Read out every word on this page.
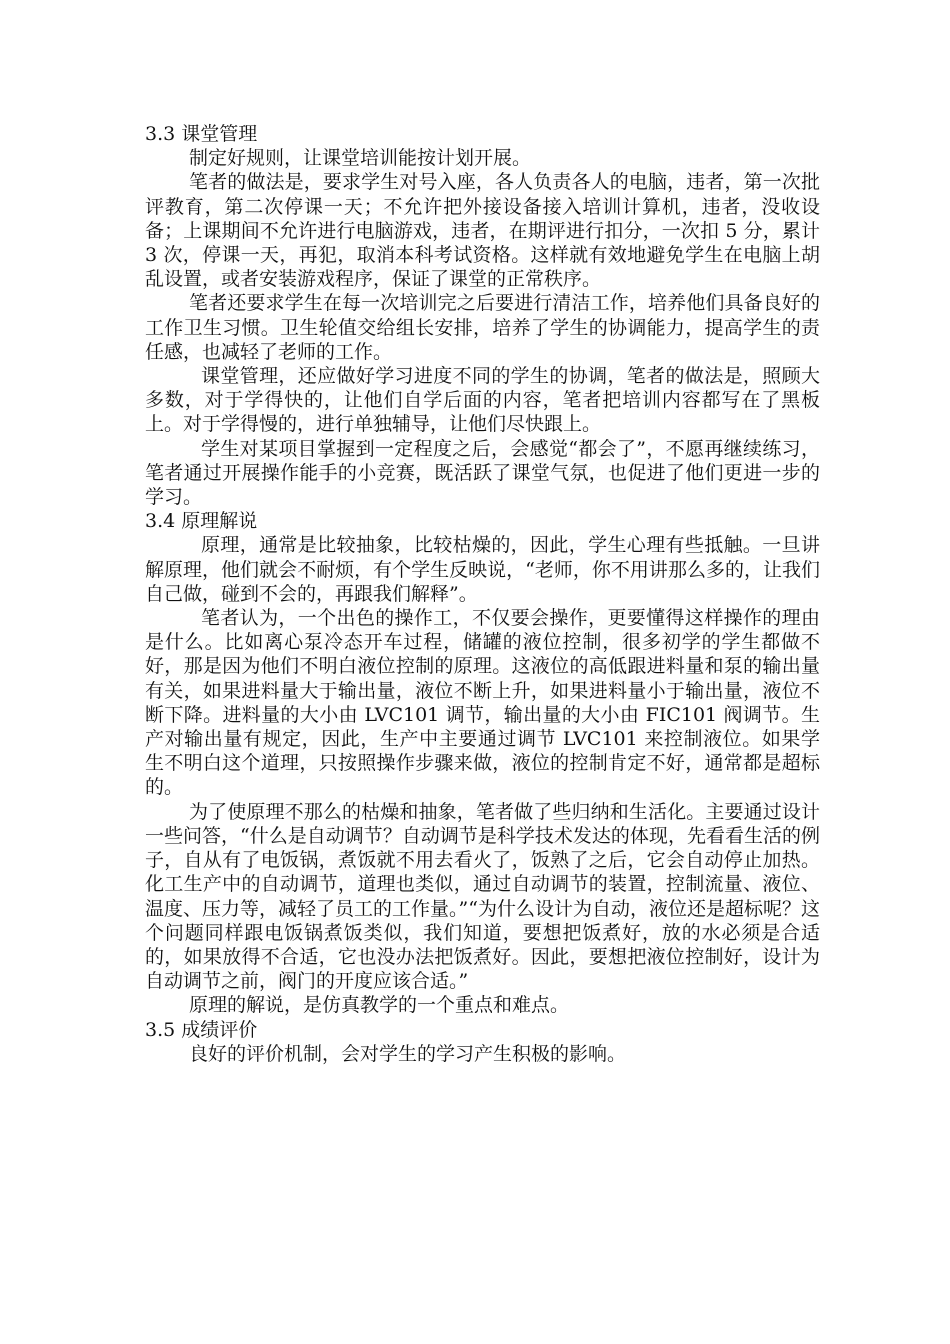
3.3 课堂管理

制定好规则，让课堂培训能按计划开展。

笔者的做法是，要求学生对号入座，各人负责各人的电脑，违者，第一次批评教育，第二次停课一天；不允许把外接设备接入培训计算机，违者，没收设备；上课期间不允许进行电脑游戏，违者，在期评进行扣分，一次扣 5 分，累计 3 次，停课一天，再犯，取消本科考试资格。这样就有效地避免学生在电脑上胡乱设置，或者安装游戏程序，保证了课堂的正常秩序。

笔者还要求学生在每一次培训完之后要进行清洁工作，培养他们具备良好的工作卫生习惯。卫生轮值交给组长安排，培养了学生的协调能力，提高学生的责任感，也减轻了老师的工作。

课堂管理，还应做好学习进度不同的学生的协调，笔者的做法是，照顾大多数，对于学得快的，让他们自学后面的内容，笔者把培训内容都写在了黑板上。对于学得慢的，进行单独辅导，让他们尽快跟上。

学生对某项目掌握到一定程度之后，会感觉“都会了”，不愿再继续练习，笔者通过开展操作能手的小竞赛，既活跃了课堂气氛，也促进了他们更进一步的学习。

3.4 原理解说

原理，通常是比较抽象，比较枯燥的，因此，学生心理有些抵触。一旦讲解原理，他们就会不耐烦，有个学生反映说，“老师，你不用讲那么多的，让我们自己做，碰到不会的，再跟我们解释”。

笔者认为，一个出色的操作工，不仅要会操作，更要懂得这样操作的理由是什么。比如离心泵冷态开车过程，储罐的液位控制，很多初学的学生都做不好，那是因为他们不明白液位控制的原理。这液位的高低跟进料量和泵的输出量有关，如果进料量大于输出量，液位不断上升，如果进料量小于输出量，液位不断下降。进料量的大小由 LVC101 调节，输出量的大小由 FIC101 阀调节。生产对输出量有规定，因此，生产中主要通过调节 LVC101 来控制液位。如果学生不明白这个道理，只按照操作步骤来做，液位的控制肯定不好，通常都是超标的。

为了使原理不那么的枯燥和抽象，笔者做了些归纳和生活化。主要通过设计一些问答，“什么是自动调节？自动调节是科学技术发达的体现，先看看生活的例子，自从有了电饭锅，煮饭就不用去看火了，饭熟了之后，它会自动停止加热。化工生产中的自动调节，道理也类似，通过自动调节的装置，控制流量、液位、温度、压力等，减轻了员工的工作量。”“为什么设计为自动，液位还是超标呢？这个问题同样跟电饭锅煮饭类似，我们知道，要想把饭煮好，放的水必须是合适的，如果放得不合适，它也没办法把饭煮好。因此，要想把液位控制好，设计为自动调节之前，阀门的开度应该合适。”

原理的解说，是仿真教学的一个重点和难点。

3.5 成绩评价

良好的评价机制，会对学生的学习产生积极的影响。
